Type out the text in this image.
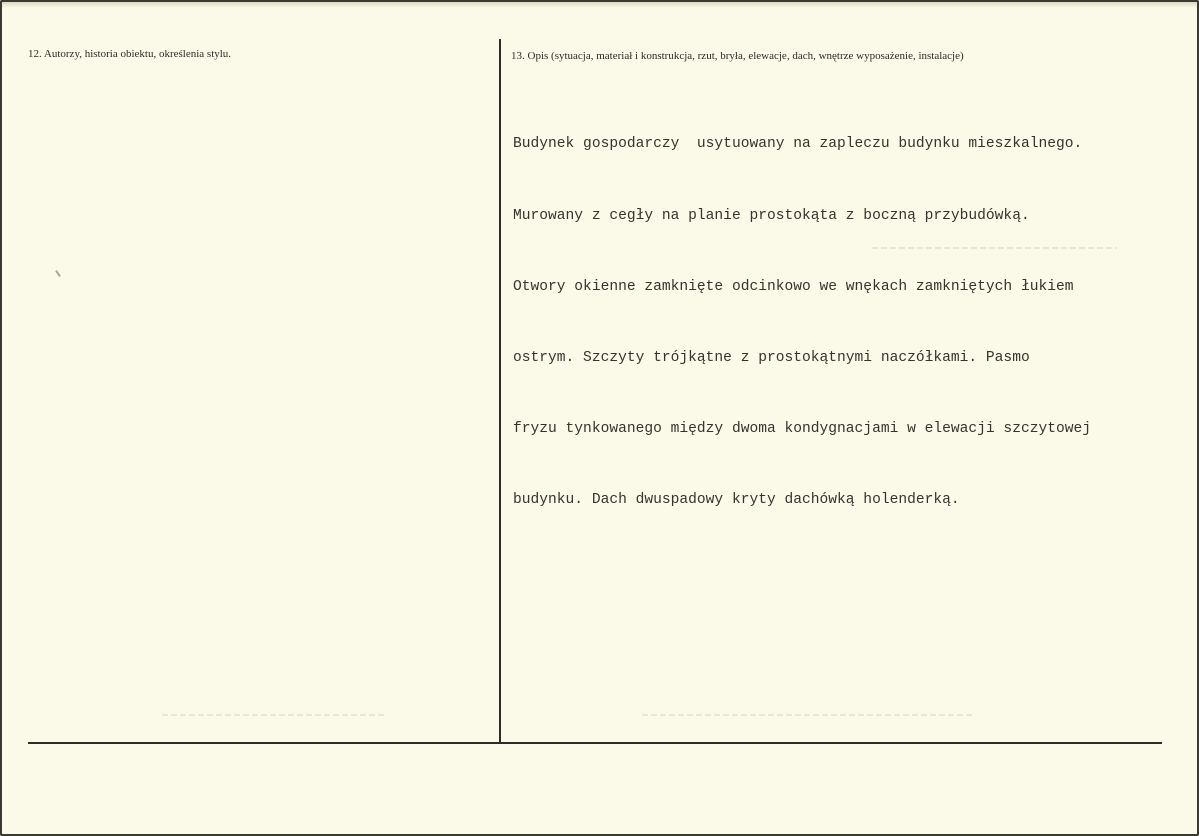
12. Autorzy, historia obiektu, określenia stylu.	13. Opis (sytuacja, materiał i konstrukcja, rzut, bryła, elewacje, dach, wnętrze wyposażenie, instalacje)

Budynek gospodarczy  usytuowany na zapleczu budynku mieszkalnego.

Murowany z cegły na planie prostokąta z boczną przybudówką.

Otwory okienne zamknięte odcinkowo we wnękach zamkniętych łukiem

ostrym. Szczyty trójkątne z prostokątnymi naczółkami. Pasmo

fryzu tynkowanego między dwoma kondygnacjami w elewacji szczytowej

budynku. Dach dwuspadowy kryty dachówką holenderką.
